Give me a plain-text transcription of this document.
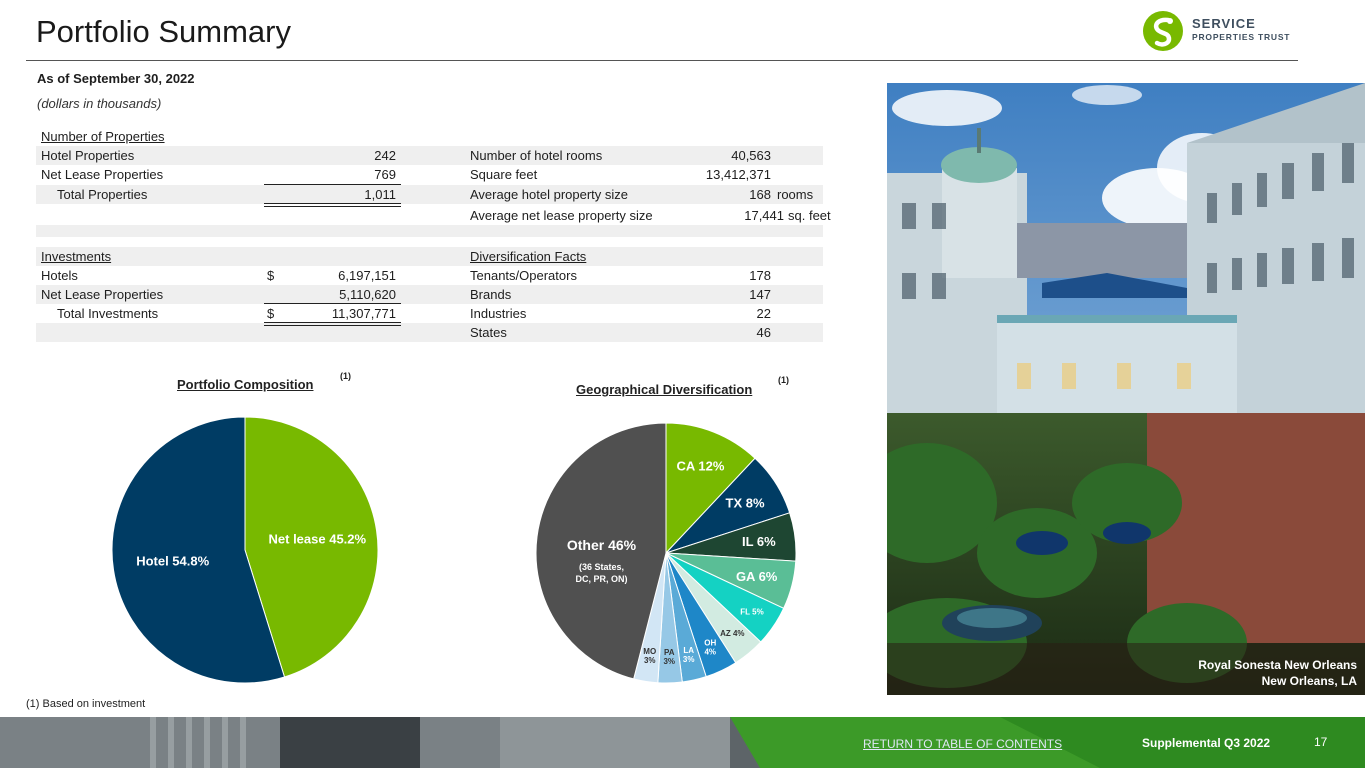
Portfolio Summary	SERVICE
PROPERTIES TRUST
As of September 30, 2022
(dollars in thousands)
Number of Properties
Hotel Properties	242
Net Lease Properties	769
Total Properties	1,011
Number of hotel rooms	40,563
Square feet	13,412,371
Average hotel property size	168 rooms
Average net lease property size	17,441 sq. feet
Investments
Hotels	$	6,197,151
Net Lease Properties	5,110,620
Total Investments	$	11,307,771
Diversification Facts
Tenants/Operators	178
Brands	147
Industries	22
States	46
Portfolio Composition
(1)
Geographical Diversification
(1)
Net lease 45.2%
Hotel 54.8%
CA 12%
TX 8%
IL 6%
GA 6%
FL 5%
AZ 4%
OH 4%
LA 3%
PA 3%
MO 3%
Other 46%
(36 States, DC, PR, ON)
(1) Based on investment
Royal Sonesta New Orleans
New Orleans, LA
RETURN TO TABLE OF CONTENTS	Supplemental Q3 2022	17
